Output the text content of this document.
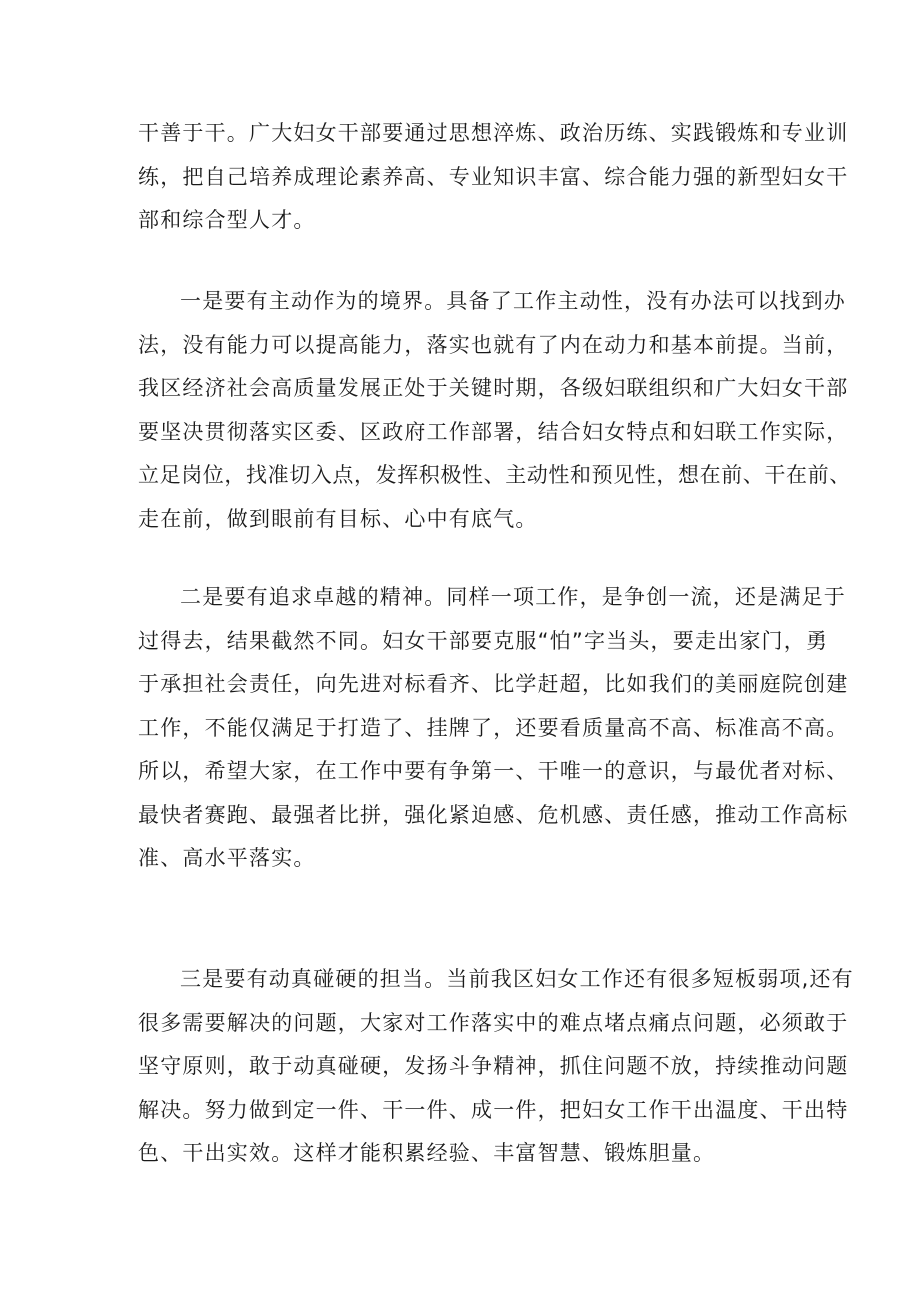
干善于干。广大妇女干部要通过思想淬炼、政治历练、实践锻炼和专业训
练，把自己培养成理论素养高、专业知识丰富、综合能力强的新型妇女干
部和综合型人才。
一是要有主动作为的境界。具备了工作主动性，没有办法可以找到办
法，没有能力可以提高能力，落实也就有了内在动力和基本前提。当前，
我区经济社会高质量发展正处于关键时期，各级妇联组织和广大妇女干部
要坚决贯彻落实区委、区政府工作部署，结合妇女特点和妇联工作实际，
立足岗位，找准切入点，发挥积极性、主动性和预见性，想在前、干在前、
走在前，做到眼前有目标、心中有底气。
二是要有追求卓越的精神。同样一项工作，是争创一流，还是满足于
过得去，结果截然不同。妇女干部要克服“怕”字当头，要走出家门，勇
于承担社会责任，向先进对标看齐、比学赶超，比如我们的美丽庭院创建
工作，不能仅满足于打造了、挂牌了，还要看质量高不高、标准高不高。
所以，希望大家，在工作中要有争第一、干唯一的意识，与最优者对标、
最快者赛跑、最强者比拼，强化紧迫感、危机感、责任感，推动工作高标
准、高水平落实。
三是要有动真碰硬的担当。当前我区妇女工作还有很多短板弱项,还有
很多需要解决的问题，大家对工作落实中的难点堵点痛点问题，必须敢于
坚守原则，敢于动真碰硬，发扬斗争精神，抓住问题不放，持续推动问题
解决。努力做到定一件、干一件、成一件，把妇女工作干出温度、干出特
色、干出实效。这样才能积累经验、丰富智慧、锻炼胆量。
